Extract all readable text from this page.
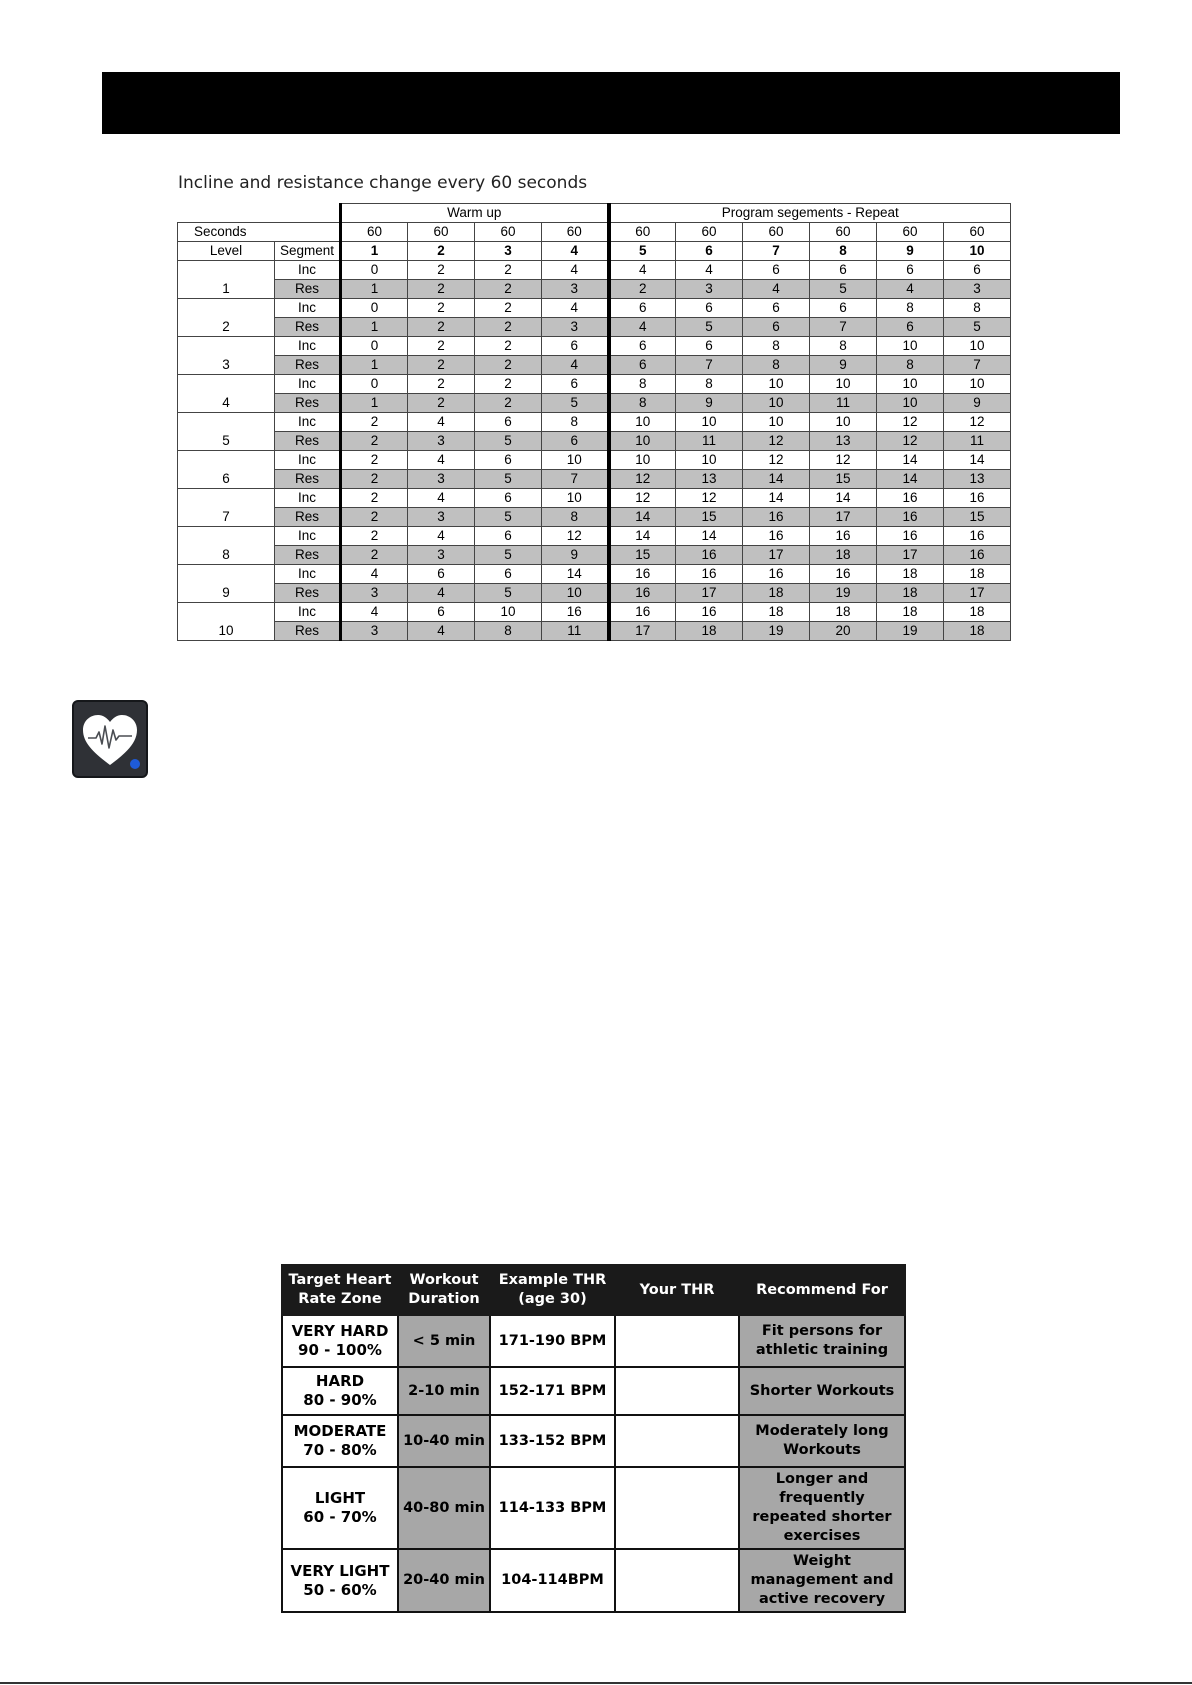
Incline and resistance change every 60 seconds
		Warm up				Program segements - Repeat					
Seconds		60	60	60	60	60	60	60	60	60	60
Level	Segment	1	2	3	4	5	6	7	8	9	10
1	Inc	0	2	2	4	4	4	6	6	6	6
	Res	1	2	2	3	2	3	4	5	4	3
2	Inc	0	2	2	4	6	6	6	6	8	8
	Res	1	2	2	3	4	5	6	7	6	5
3	Inc	0	2	2	6	6	6	8	8	10	10
	Res	1	2	2	4	6	7	8	9	8	7
4	Inc	0	2	2	6	8	8	10	10	10	10
	Res	1	2	2	5	8	9	10	11	10	9
5	Inc	2	4	6	8	10	10	10	10	12	12
	Res	2	3	5	6	10	11	12	13	12	11
6	Inc	2	4	6	10	10	10	12	12	14	14
	Res	2	3	5	7	12	13	14	15	14	13
7	Inc	2	4	6	10	12	12	14	14	16	16
	Res	2	3	5	8	14	15	16	17	16	15
8	Inc	2	4	6	12	14	14	16	16	16	16
	Res	2	3	5	9	15	16	17	18	17	16
9	Inc	4	6	6	14	16	16	16	16	18	18
	Res	3	4	5	10	16	17	18	19	18	17
10	Inc	4	6	10	16	16	16	18	18	18	18
	Res	3	4	8	11	17	18	19	20	19	18
Target Heart Rate Zone	Workout Duration	Example THR (age 30)	Your THR	Recommend For

VERY HARD
90 - 100%	< 5 min	171-190 BPM		Fit persons for athletic training

HARD
80 - 90%	2-10 min	152-171 BPM		Shorter Workouts

MODERATE
70 - 80%	10-40 min	133-152 BPM		Moderately long Workouts

LIGHT
60 - 70%	40-80 min	114-133 BPM		Longer and frequently repeated shorter exercises

VERY LIGHT
50 - 60%	20-40 min	104-114BPM		Weight management and active recovery
